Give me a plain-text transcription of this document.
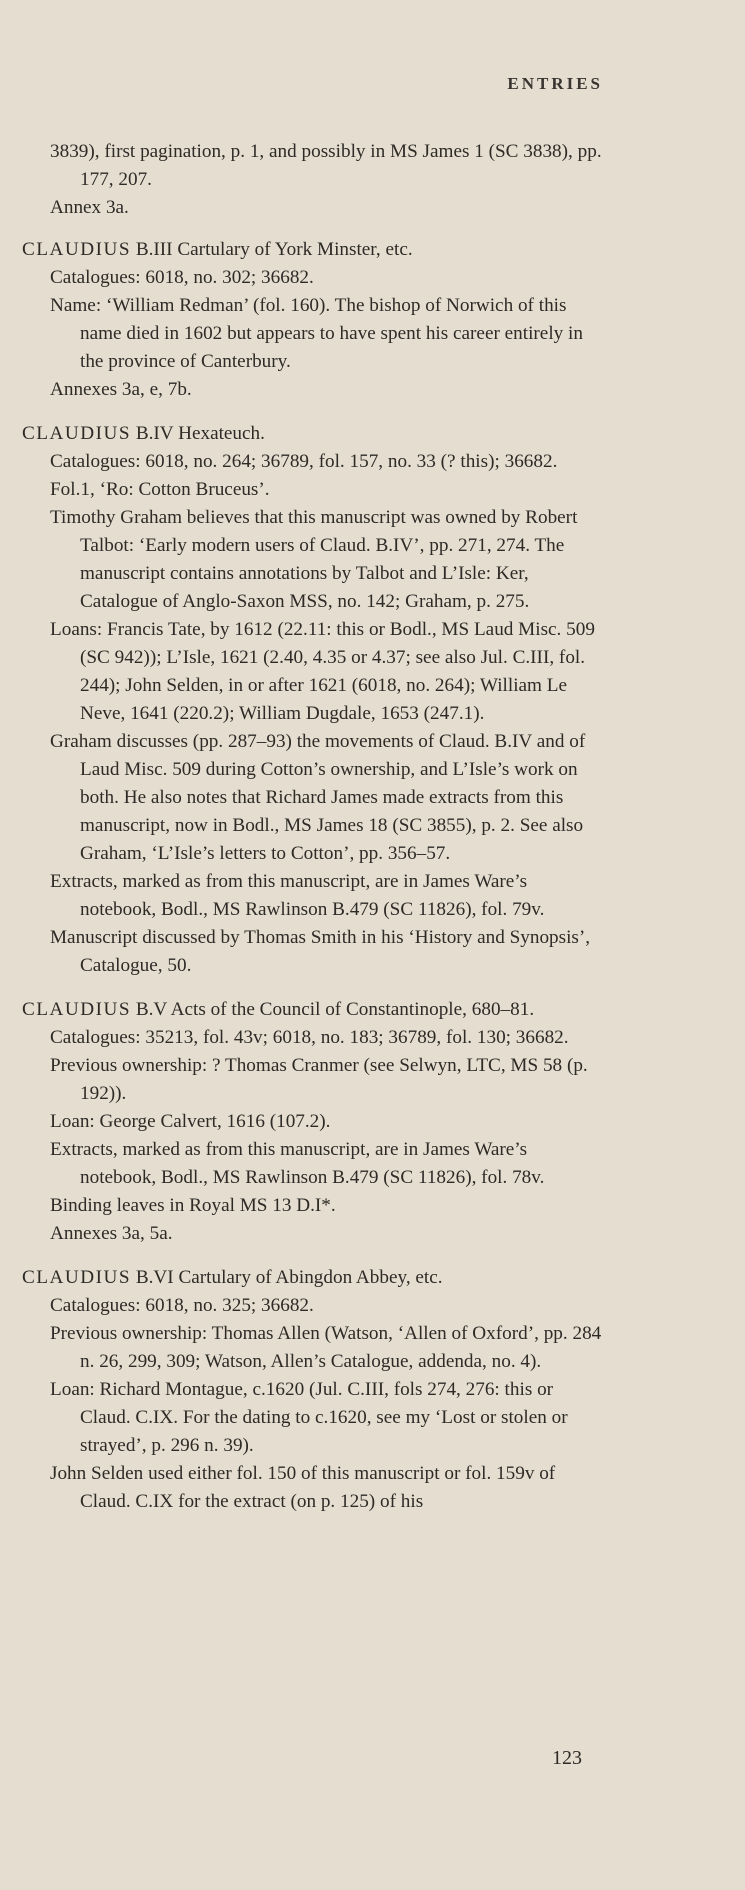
ENTRIES

3839), first pagination, p. 1, and possibly in MS James 1 (SC 3838), pp. 177, 207.

Annex 3a.

CLAUDIUS B.III Cartulary of York Minster, etc.

Catalogues: 6018, no. 302; 36682.

Name: ‘William Redman’ (fol. 160). The bishop of Norwich of this name died in 1602 but appears to have spent his career entirely in the province of Canterbury.

Annexes 3a, e, 7b.

CLAUDIUS B.IV Hexateuch.

Catalogues: 6018, no. 264; 36789, fol. 157, no. 33 (? this); 36682.

Fol.1, ‘Ro: Cotton Bruceus’.

Timothy Graham believes that this manuscript was owned by Robert Talbot: ‘Early modern users of Claud. B.IV’, pp. 271, 274. The manuscript contains annotations by Talbot and L’Isle: Ker, Catalogue of Anglo-Saxon MSS, no. 142; Graham, p. 275.

Loans: Francis Tate, by 1612 (22.11: this or Bodl., MS Laud Misc. 509 (SC 942)); L’Isle, 1621 (2.40, 4.35 or 4.37; see also Jul. C.III, fol. 244); John Selden, in or after 1621 (6018, no. 264); William Le Neve, 1641 (220.2); William Dugdale, 1653 (247.1).

Graham discusses (pp. 287–93) the movements of Claud. B.IV and of Laud Misc. 509 during Cotton’s ownership, and L’Isle’s work on both. He also notes that Richard James made extracts from this manuscript, now in Bodl., MS James 18 (SC 3855), p. 2. See also Graham, ‘L’Isle’s letters to Cotton’, pp. 356–57.

Extracts, marked as from this manuscript, are in James Ware’s notebook, Bodl., MS Rawlinson B.479 (SC 11826), fol. 79v.

Manuscript discussed by Thomas Smith in his ‘History and Synopsis’, Catalogue, 50.

CLAUDIUS B.V Acts of the Council of Constantinople, 680–81.

Catalogues: 35213, fol. 43v; 6018, no. 183; 36789, fol. 130; 36682.

Previous ownership: ? Thomas Cranmer (see Selwyn, LTC, MS 58 (p. 192)).

Loan: George Calvert, 1616 (107.2).

Extracts, marked as from this manuscript, are in James Ware’s notebook, Bodl., MS Rawlinson B.479 (SC 11826), fol. 78v.

Binding leaves in Royal MS 13 D.I*.

Annexes 3a, 5a.

CLAUDIUS B.VI Cartulary of Abingdon Abbey, etc.

Catalogues: 6018, no. 325; 36682.

Previous ownership: Thomas Allen (Watson, ‘Allen of Oxford’, pp. 284 n. 26, 299, 309; Watson, Allen’s Catalogue, addenda, no. 4).

Loan: Richard Montague, c.1620 (Jul. C.III, fols 274, 276: this or Claud. C.IX. For the dating to c.1620, see my ‘Lost or stolen or strayed’, p. 296 n. 39).

John Selden used either fol. 150 of this manuscript or fol. 159v of Claud. C.IX for the extract (on p. 125) of his

123
